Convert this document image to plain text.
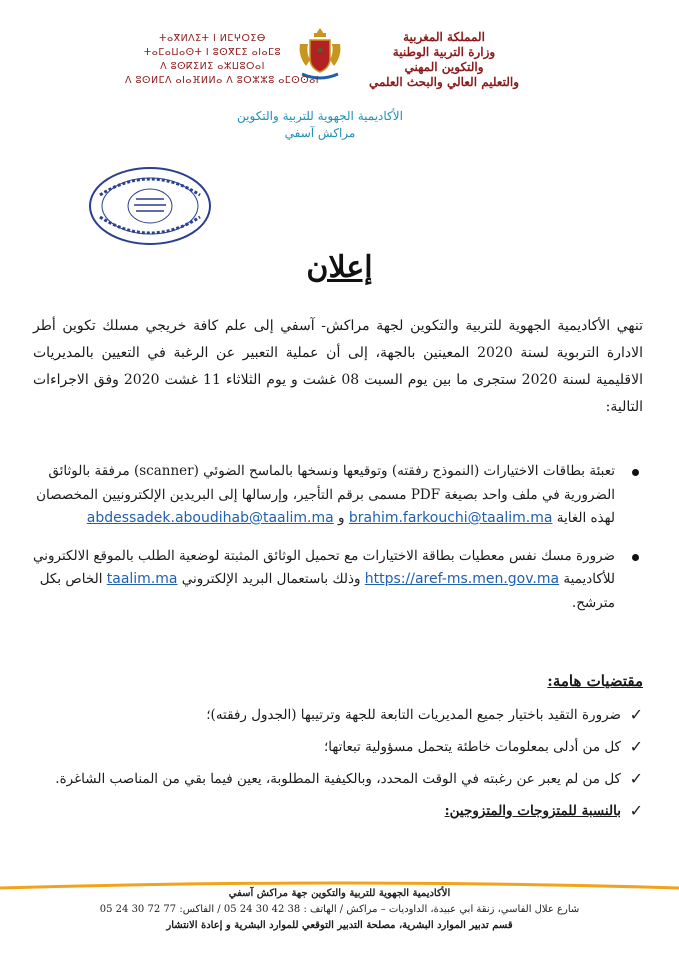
المملكة المغربية
وزارة التربية الوطنية
والتكوين المهني
والتعليم العالي والبحث العلمي
ⵜⴰⴳⵍⴷⵉⵜ ⵏ ⵍⵎⵖⵔⵉⴱ
ⵜⴰⵎⴰⵡⴰⵙⵜ ⵏ ⵓⵙⴳⵎⵉ ⴰⵏⴰⵎⵓ
ⴷ ⵓⵙⴽⵉⵍⵉ ⴰⵣⵡⵓⵔⴰⵏ
ⴷ ⵓⵙⵍⵎⴷ ⴰⵏⴰⴼⵍⵍⴰ ⴷ ⵓⵔⵣⵣⵓ ⴰⵎⵙⵙⴰⵏ
الأكاديمية الجهوية للتربية والتكوين
مراكش آسفي
إعلان
تنهي الأكاديمية الجهوية للتربية والتكوين لجهة مراكش- آسفي إلى علم كافة خريجي مسلك تكوين أطر الادارة التربوية لسنة 2020 المعينين بالجهة، إلى أن عملية التعبير عن الرغبة في التعيين بالمديريات الاقليمية لسنة 2020 ستجرى ما بين يوم السبت 08 غشت و يوم الثلاثاء 11 غشت 2020 وفق الاجراءات التالية:

تعبئة بطاقات الاختيارات (النموذج رفقته) وتوقيعها ونسخها بالماسح الضوئي (scanner) مرفقة بالوثائق الضرورية في ملف واحد بصيغة PDF مسمى برقم التأجير، وإرسالها إلى البريدين الإلكترونيين المخصصان لهذه الغاية brahim.farkouchi@taalim.ma و abdessadek.aboudihab@taalim.ma

ضرورة مسك نفس معطيات بطاقة الاختيارات مع تحميل الوثائق المثبتة لوضعية الطلب بالموقع الالكتروني للأكاديمية https://aref-ms.men.gov.ma وذلك باستعمال البريد الإلكتروني taalim.ma الخاص بكل مترشح.

مقتضيات هامة:
✓

ضرورة التقيد باختيار جميع المديريات التابعة للجهة وترتيبها (الجدول رفقته)؛

✓

كل من أدلى بمعلومات خاطئة يتحمل مسؤولية تبعاتها؛

✓

كل من لم يعبر عن رغبته في الوقت المحدد، وبالكيفية المطلوبة، يعين فيما بقي من المناصب الشاغرة.

✓

بالنسبة للمتزوجات والمتزوجين:

الأكاديمية الجهوية للتربية والتكوين جهة مراكش آسفي
شارع علال الفاسي، زنقة ابي عبيدة، الداوديات – مراكش / الهاتف : 38 42 30 24 05 / الفاكس: 77 72 30 24 05
قسم تدبير الموارد البشرية، مصلحة التدبير التوقعي للموارد البشرية و إعادة الانتشار
